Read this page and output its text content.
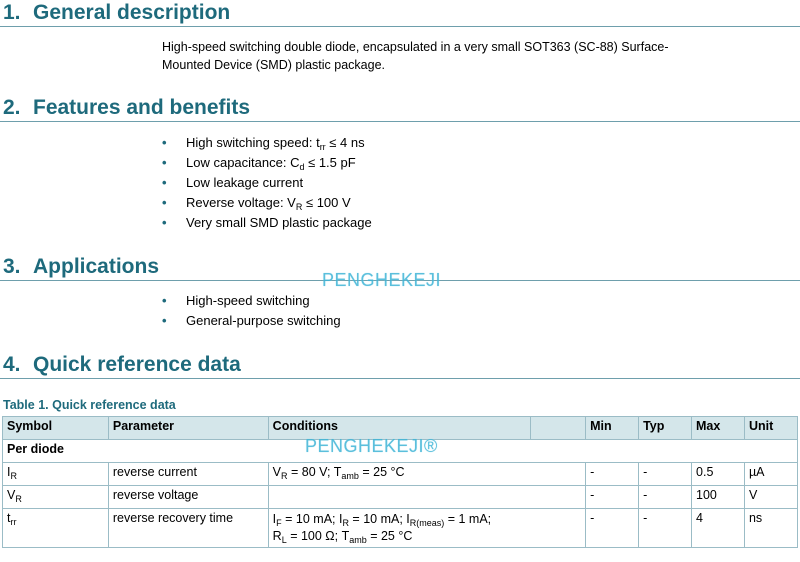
1. General description
High-speed switching double diode, encapsulated in a very small SOT363 (SC-88) Surface-
Mounted Device (SMD) plastic package.
2. Features and benefits
• High switching speed: $t_{rr} \le 4$ ns
• Low capacitance: $C_d \le 1.5$ pF
• Low leakage current
• Reverse voltage: $V_R \le 100$ V
• Very small SMD plastic package
3. Applications
PENGHEKEJI
• High-speed switching
• General-purpose switching
4. Quick reference data
Table 1. Quick reference data
Symbol	Parameter	Conditions		Min	Typ	Max	Unit
Per diode							
$I_R$	reverse current	$V_R = 80$ V; $T_{amb} = 25$ °C		-	-	0.5	µA
$V_R$	reverse voltage			-	-	100	V
$t_{rr}$	reverse recovery time	$I_F = 10$ mA; $I_R = 10$ mA; $I_{R(meas)} = 1$ mA;
$R_L = 100$ Ω; $T_{amb} = 25$ °C		-	-	4	ns
PENGHEKEJI®
